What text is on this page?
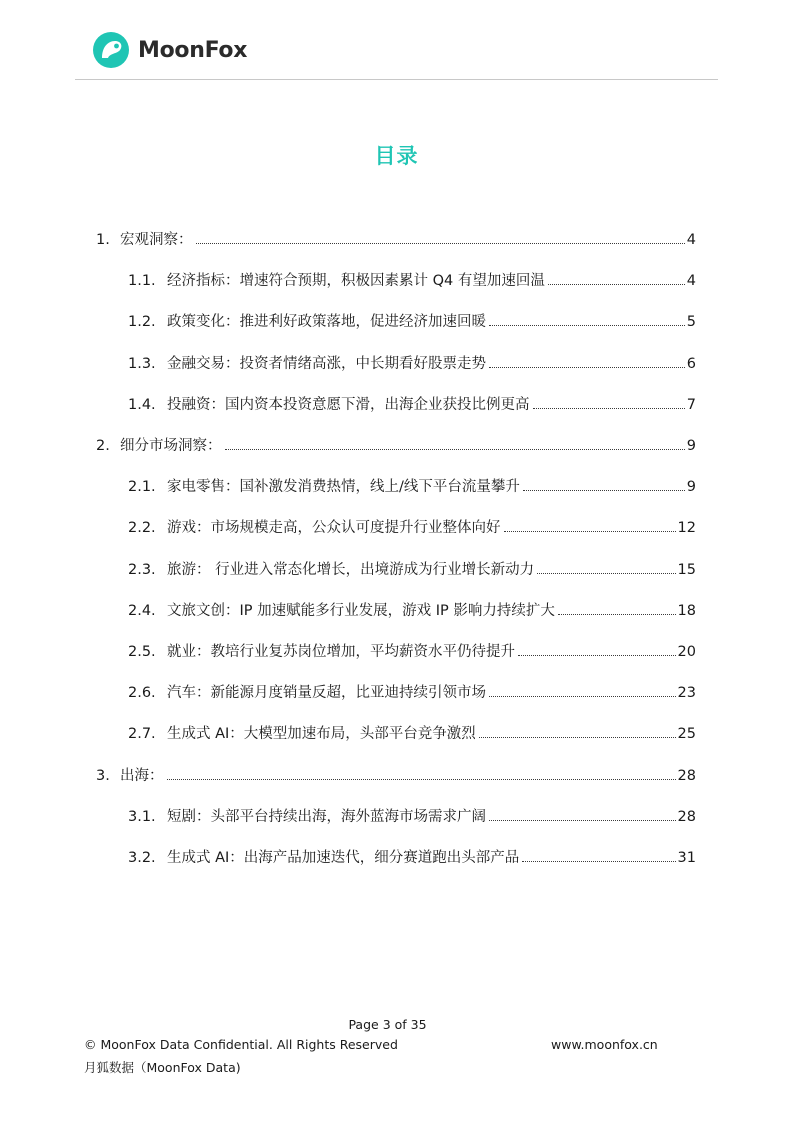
MoonFox
目录
1. 宏观洞察：	4
1.1. 经济指标：增速符合预期，积极因素累计 Q4 有望加速回温	4
1.2. 政策变化：推进利好政策落地，促进经济加速回暖	5
1.3. 金融交易：投资者情绪高涨，中长期看好股票走势	6
1.4. 投融资：国内资本投资意愿下滑，出海企业获投比例更高	7
2. 细分市场洞察：	9
2.1. 家电零售：国补激发消费热情，线上/线下平台流量攀升	9
2.2. 游戏：市场规模走高，公众认可度提升行业整体向好	12
2.3. 旅游： 行业进入常态化增长，出境游成为行业增长新动力	15
2.4. 文旅文创：IP 加速赋能多行业发展，游戏 IP 影响力持续扩大	18
2.5. 就业：教培行业复苏岗位增加，平均薪资水平仍待提升	20
2.6. 汽车：新能源月度销量反超，比亚迪持续引领市场	23
2.7. 生成式 AI：大模型加速布局，头部平台竞争激烈	25
3. 出海：	28
3.1. 短剧：头部平台持续出海，海外蓝海市场需求广阔	28
3.2. 生成式 AI：出海产品加速迭代，细分赛道跑出头部产品	31
Page 3 of 35
© MoonFox Data Confidential. All Rights Reserved	www.moonfox.cn
月狐数据（MoonFox Data)
